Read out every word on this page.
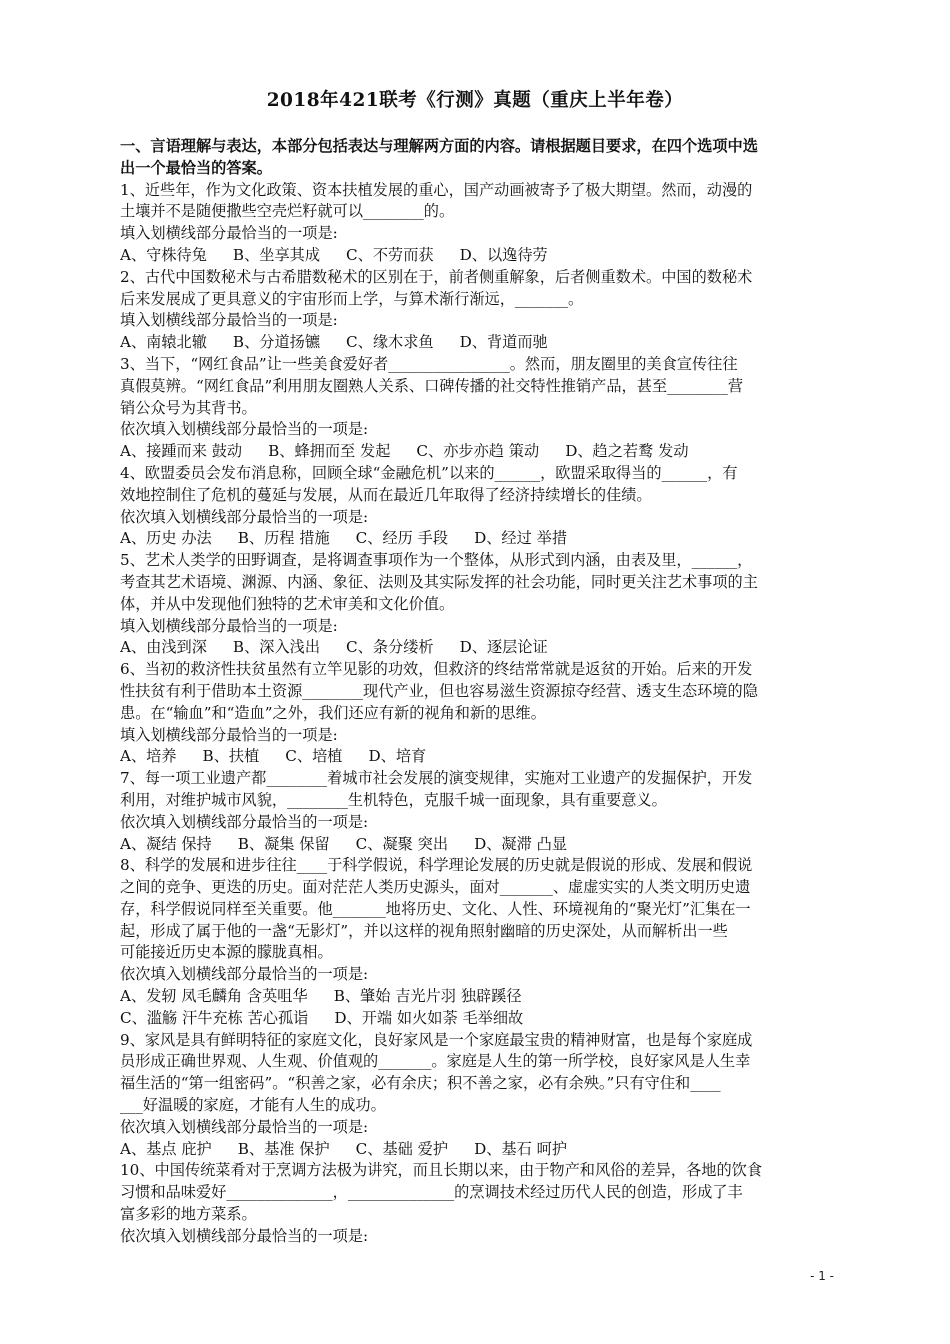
2018年421联考《行测》真题（重庆上半年卷）
一、言语理解与表达，本部分包括表达与理解两方面的内容。请根据题目要求，在四个选项中选
出一个最恰当的答案。
1、近些年，作为文化政策、资本扶植发展的重心，国产动画被寄予了极大期望。然而，动漫的
土壤并不是随便撒些空壳烂籽就可以________的。
填入划横线部分最恰当的一项是:
A、守株待兔 B、坐享其成 C、不劳而获 D、以逸待劳
2、古代中国数秘术与古希腊数秘术的区别在于，前者侧重解象，后者侧重数术。中国的数秘术
后来发展成了更具意义的宇宙形而上学，与算术渐行渐远，_______。
填入划横线部分最恰当的一项是:
A、南辕北辙 B、分道扬镳 C、缘木求鱼 D、背道而驰
3、当下，“网红食品”让一些美食爱好者________________。然而，朋友圈里的美食宣传往往
真假莫辨。“网红食品”利用朋友圈熟人关系、口碑传播的社交特性推销产品，甚至________营
销公众号为其背书。
依次填入划横线部分最恰当的一项是:
A、接踵而来 鼓动 B、蜂拥而至 发起 C、亦步亦趋 策动 D、趋之若鹜 发动
4、欧盟委员会发布消息称，回顾全球“金融危机”以来的______，欧盟采取得当的______，有
效地控制住了危机的蔓延与发展，从而在最近几年取得了经济持续增长的佳绩。
依次填入划横线部分最恰当的一项是:
A、历史 办法 B、历程 措施 C、经历 手段 D、经过 举措
5、艺术人类学的田野调查，是将调查事项作为一个整体，从形式到内涵，由表及里，______，
考查其艺术语境、渊源、内涵、象征、法则及其实际发挥的社会功能，同时更关注艺术事项的主
体，并从中发现他们独特的艺术审美和文化价值。
填入划横线部分最恰当的一项是:
A、由浅到深 B、深入浅出 C、条分缕析 D、逐层论证
6、当初的救济性扶贫虽然有立竿见影的功效，但救济的终结常常就是返贫的开始。后来的开发
性扶贫有利于借助本土资源________现代产业，但也容易滋生资源掠夺经营、透支生态环境的隐
患。在“输血”和“造血”之外，我们还应有新的视角和新的思维。
填入划横线部分最恰当的一项是:
A、培养 B、扶植 C、培植 D、培育
7、每一项工业遗产都________着城市社会发展的演变规律，实施对工业遗产的发掘保护，开发
利用，对维护城市风貌，________生机特色，克服千城一面现象，具有重要意义。
依次填入划横线部分最恰当的一项是:
A、凝结 保持 B、凝集 保留 C、凝聚 突出 D、凝滞 凸显
8、科学的发展和进步往往____于科学假说，科学理论发展的历史就是假说的形成、发展和假说
之间的竞争、更迭的历史。面对茫茫人类历史源头，面对_______、虚虚实实的人类文明历史遗
存，科学假说同样至关重要。他_______地将历史、文化、人性、环境视角的“聚光灯”汇集在一
起，形成了属于他的一盏“无影灯”，并以这样的视角照射幽暗的历史深处，从而解析出一些
可能接近历史本源的朦胧真相。
依次填入划横线部分最恰当的一项是:
A、发轫 凤毛麟角 含英咀华 B、肇始 吉光片羽 独辟蹊径
C、滥觞 汗牛充栋 苦心孤诣 D、开端 如火如荼 毛举细故
9、家风是具有鲜明特征的家庭文化，良好家风是一个家庭最宝贵的精神财富，也是每个家庭成
员形成正确世界观、人生观、价值观的_______。家庭是人生的第一所学校，良好家风是人生幸
福生活的“第一组密码”。“积善之家，必有余庆；积不善之家，必有余殃。”只有守住和____
___好温暖的家庭，才能有人生的成功。
依次填入划横线部分最恰当的一项是:
A、基点 庇护 B、基准 保护 C、基础 爱护 D、基石 呵护
10、中国传统菜肴对于烹调方法极为讲究，而且长期以来，由于物产和风俗的差异，各地的饮食
习惯和品味爱好______________，______________的烹调技术经过历代人民的创造，形成了丰
富多彩的地方菜系。
依次填入划横线部分最恰当的一项是:
- 1 -
